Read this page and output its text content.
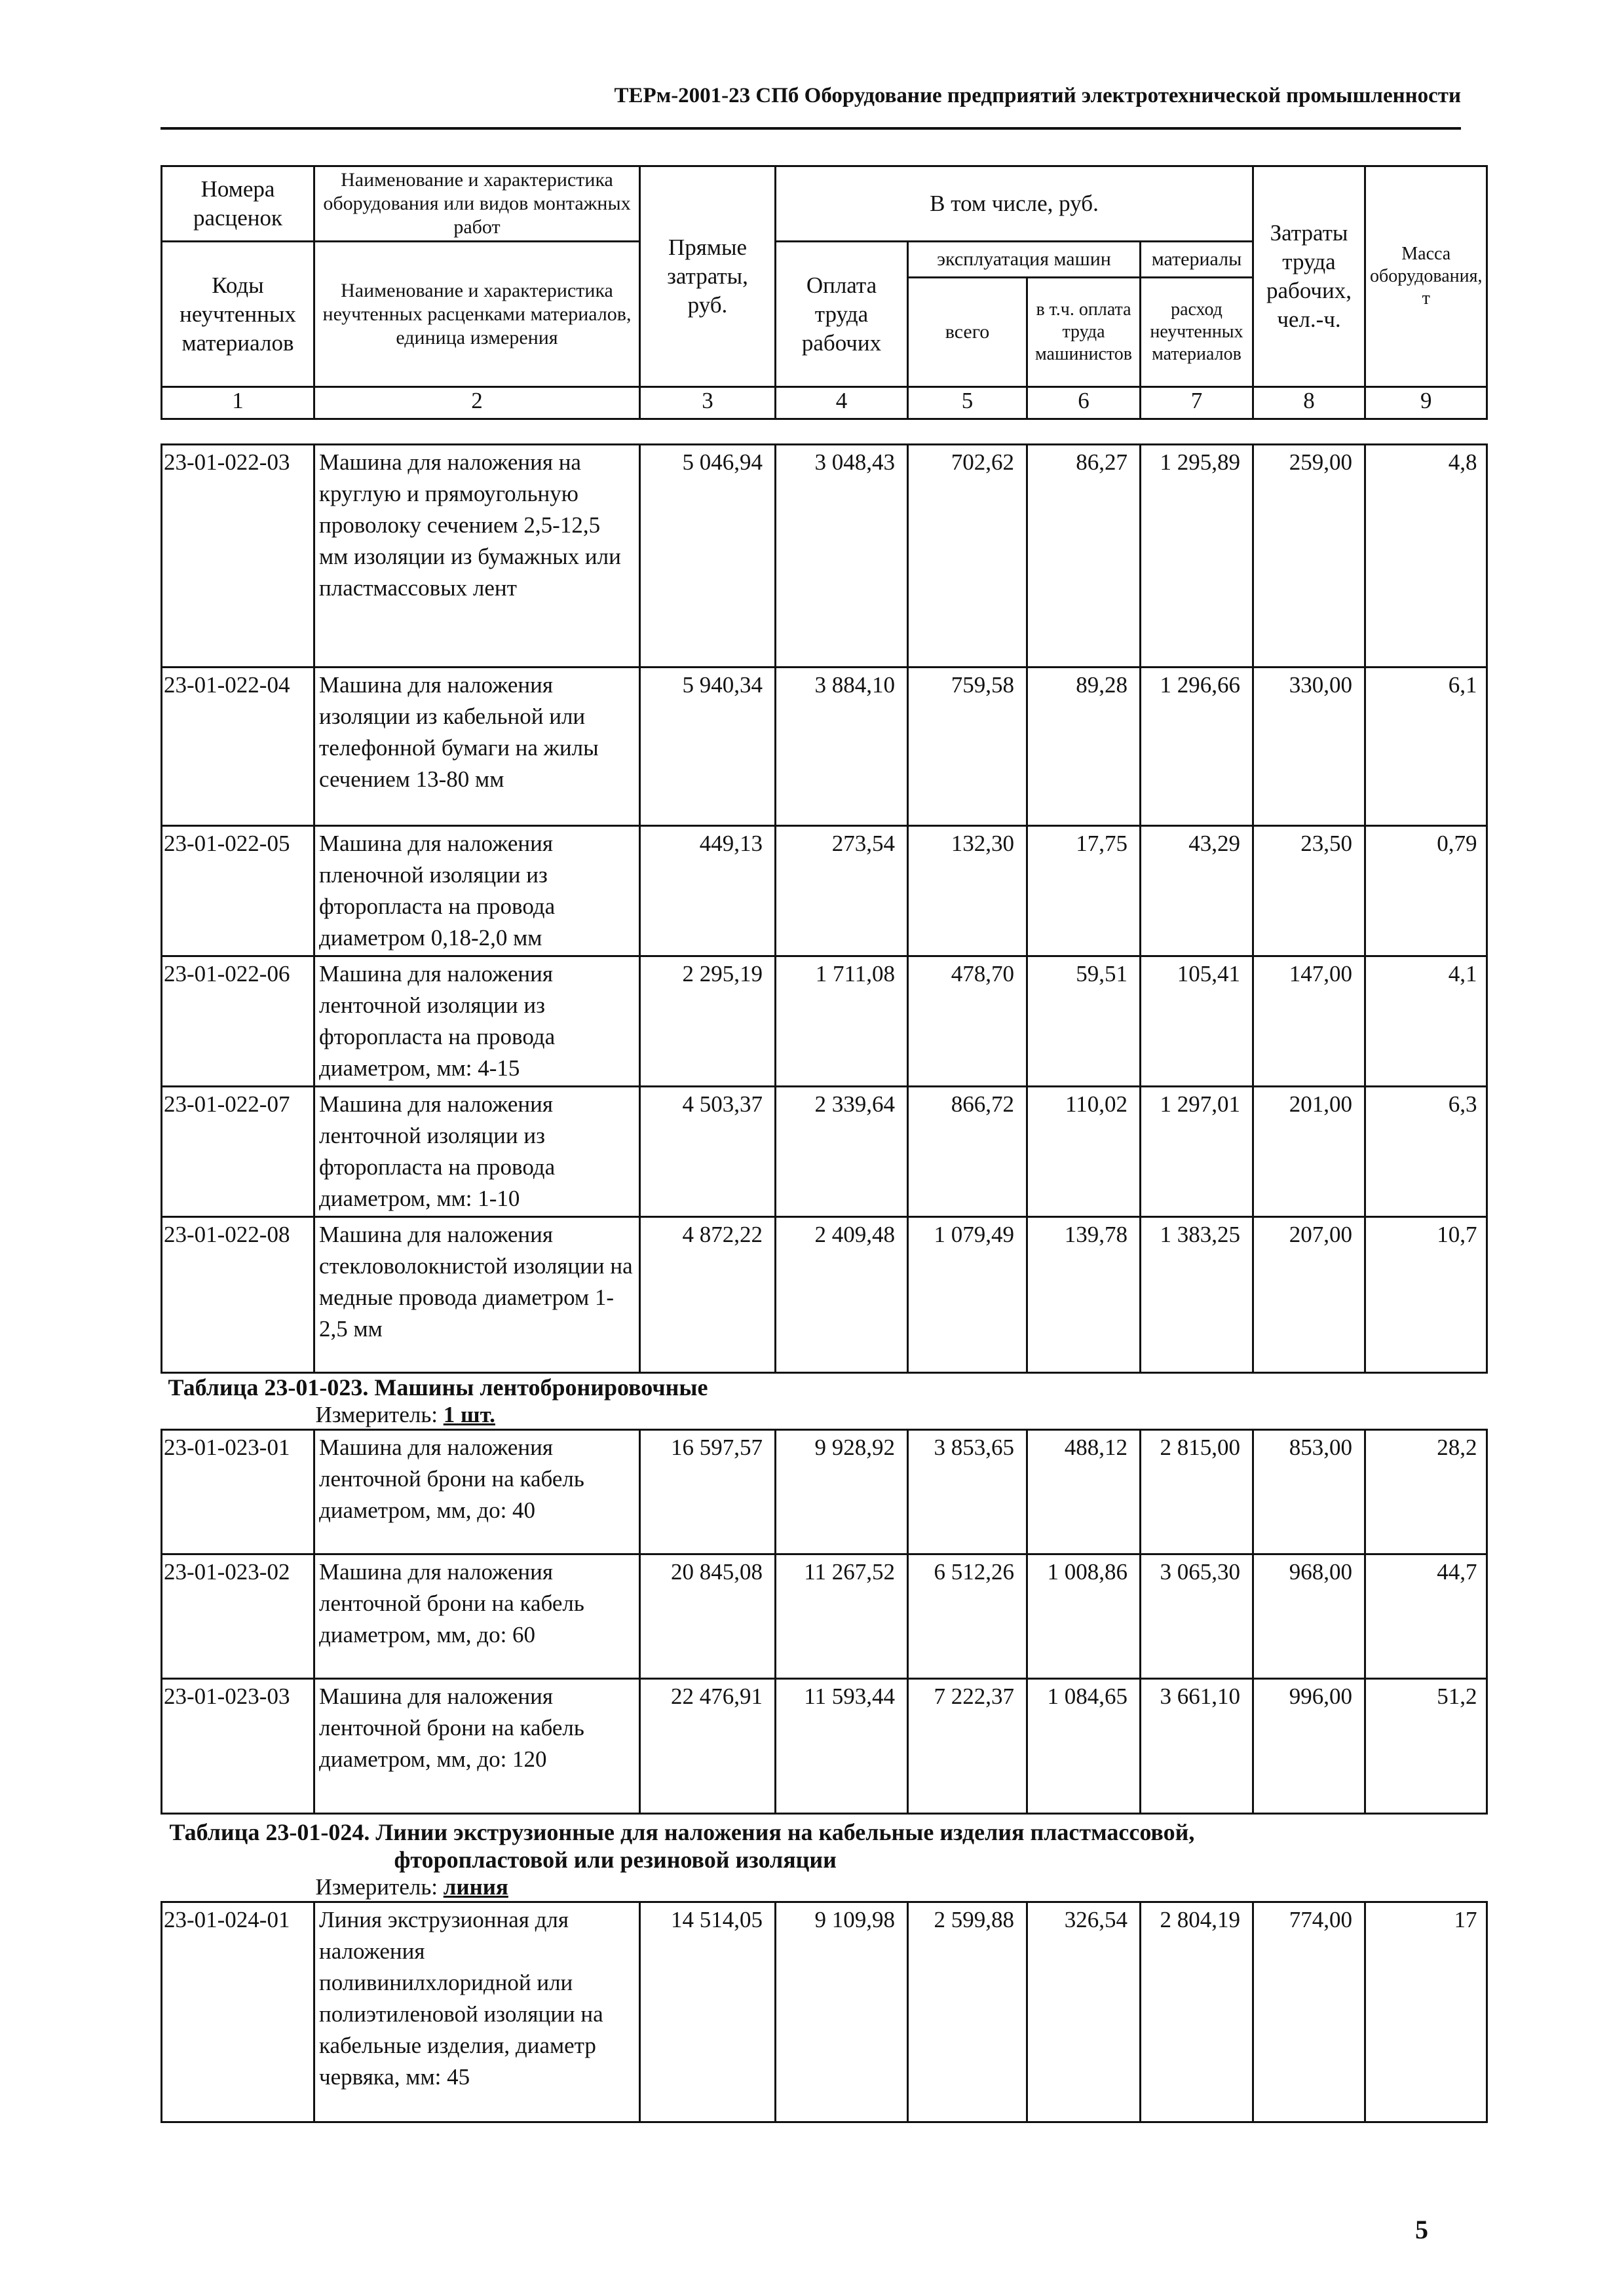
ТЕРм-2001-23 СПб Оборудование предприятий электротехнической промышленности
Номера расценок	Наименование и характеристика оборудования или видов монтажных работ	Прямые затраты, руб.	В том числе, руб.				Затраты труда рабочих, чел.-ч.	Масса оборудования, т
Коды неучтенных материалов	Наименование и характеристика неучтенных расценками материалов, единица измерения		Оплата труда рабочих	эксплуатация машин		материалы		
				всего	в т.ч. оплата труда машинистов	расход неучтенных материалов		
1	2	3	4	5	6	7	8	9

23-01-022-03	Машина для наложения на круглую и прямоугольную проволоку сечением 2,5-12,5 мм изоляции из бумажных или пластмассовых лент	5 046,94	3 048,43	702,62	86,27	1 295,89	259,00	4,8
23-01-022-04	Машина для наложения изоляции из кабельной или телефонной бумаги на жилы сечением 13-80 мм	5 940,34	3 884,10	759,58	89,28	1 296,66	330,00	6,1
23-01-022-05	Машина для наложения пленочной изоляции из фторопласта на провода диаметром 0,18-2,0 мм	449,13	273,54	132,30	17,75	43,29	23,50	0,79
23-01-022-06	Машина для наложения ленточной изоляции из фторопласта на провода диаметром, мм: 4-15	2 295,19	1 711,08	478,70	59,51	105,41	147,00	4,1
23-01-022-07	Машина для наложения ленточной изоляции из фторопласта на провода диаметром, мм: 1-10	4 503,37	2 339,64	866,72	110,02	1 297,01	201,00	6,3
23-01-022-08	Машина для наложения стекловолокнистой изоляции на медные провода диаметром 1-2,5 мм	4 872,22	2 409,48	1 079,49	139,78	1 383,25	207,00	10,7
Таблица 23-01-023. Машины лентобронировочные								
Измеритель: 1 шт.								
23-01-023-01	Машина для наложения ленточной брони на кабель диаметром, мм, до: 40	16 597,57	9 928,92	3 853,65	488,12	2 815,00	853,00	28,2
23-01-023-02	Машина для наложения ленточной брони на кабель диаметром, мм, до: 60	20 845,08	11 267,52	6 512,26	1 008,86	3 065,30	968,00	44,7
23-01-023-03	Машина для наложения ленточной брони на кабель диаметром, мм, до: 120	22 476,91	11 593,44	7 222,37	1 084,65	3 661,10	996,00	51,2
Таблица 23-01-024. Линии экструзионные для наложения на кабельные изделия пластмассовой,								
фторопластовой или резиновой изоляции								
Измеритель: линия								
23-01-024-01	Линия экструзионная для наложения поливинилхлоридной или полиэтиленовой изоляции на кабельные изделия, диаметр червяка, мм: 45	14 514,05	9 109,98	2 599,88	326,54	2 804,19	774,00	17
5
